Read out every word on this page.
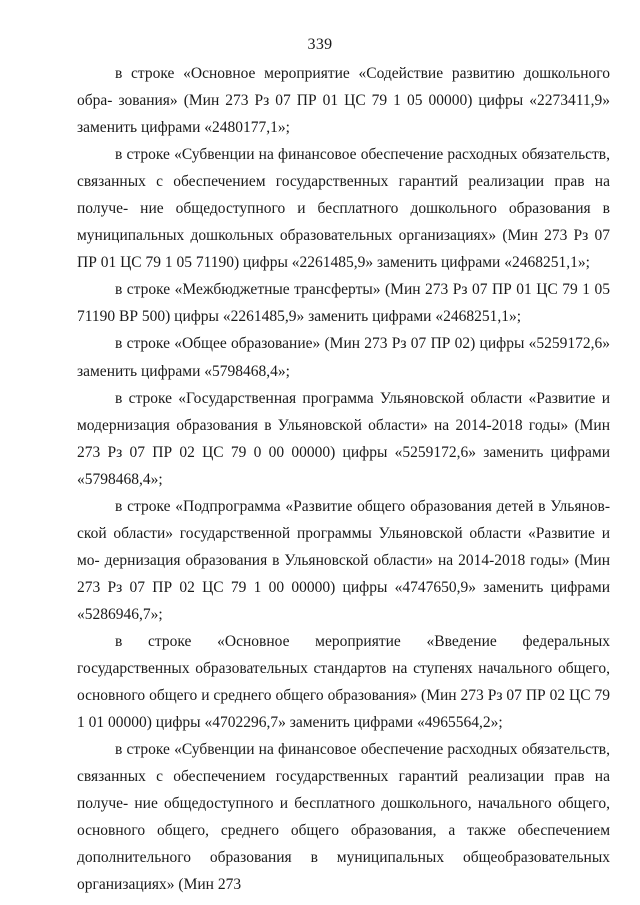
339

в строке «Основное мероприятие «Содействие развитию дошкольного обра- зования» (Мин 273 Рз 07 ПР 01 ЦС 79 1 05 00000) цифры «2273411,9» заменить цифрами «2480177,1»;

в строке «Субвенции на финансовое обеспечение расходных обязательств, связанных с обеспечением государственных гарантий реализации прав на получе- ние общедоступного и бесплатного дошкольного образования в муниципальных дошкольных образовательных организациях» (Мин 273 Рз 07 ПР 01 ЦС 79 1 05 71190) цифры «2261485,9» заменить цифрами «2468251,1»;

в строке «Межбюджетные трансферты» (Мин 273 Рз 07 ПР 01 ЦС 79 1 05 71190 ВР 500) цифры «2261485,9» заменить цифрами «2468251,1»;

в строке «Общее образование» (Мин 273 Рз 07 ПР 02) цифры «5259172,6» заменить цифрами «5798468,4»;

в строке «Государственная программа Ульяновской области «Развитие и модернизация образования в Ульяновской области» на 2014-2018 годы» (Мин 273 Рз 07 ПР 02 ЦС 79 0 00 00000) цифры «5259172,6» заменить цифрами «5798468,4»;

в строке «Подпрограмма «Развитие общего образования детей в Ульянов- ской области» государственной программы Ульяновской области «Развитие и мо- дернизация образования в Ульяновской области» на 2014-2018 годы» (Мин 273 Рз 07 ПР 02 ЦС 79 1 00 00000) цифры «4747650,9» заменить цифрами «5286946,7»;

в строке «Основное мероприятие «Введение федеральных государственных образовательных стандартов на ступенях начального общего, основного общего и среднего общего образования» (Мин 273 Рз 07 ПР 02 ЦС 79 1 01 00000) цифры «4702296,7» заменить цифрами «4965564,2»;

в строке «Субвенции на финансовое обеспечение расходных обязательств, связанных с обеспечением государственных гарантий реализации прав на получе- ние общедоступного и бесплатного дошкольного, начального общего, основного общего, среднего общего образования, а также обеспечением дополнительного образования в муниципальных общеобразовательных организациях» (Мин 273
